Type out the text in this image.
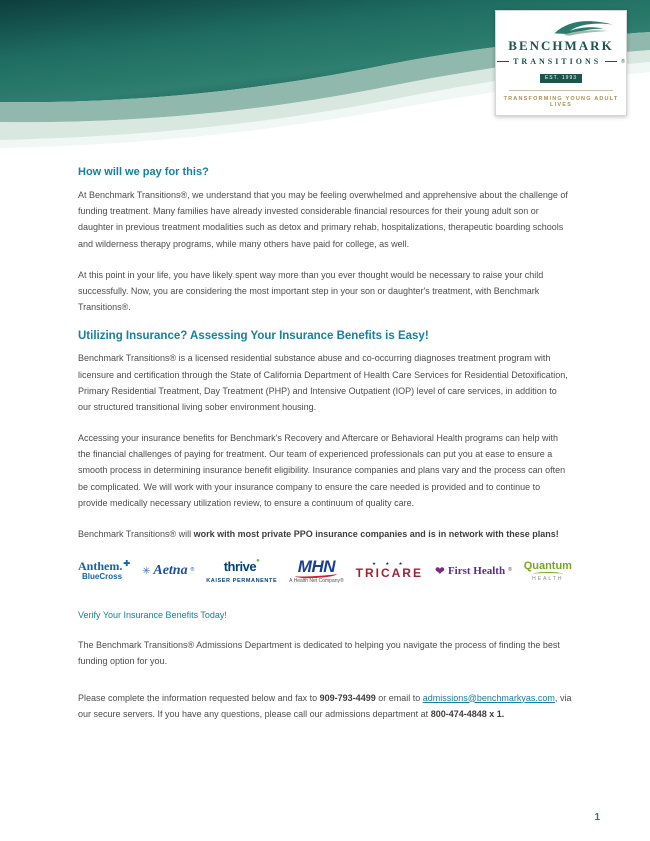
BENCHMARK
TRANSITIONS	®
EST. 1993
TRANSFORMING YOUNG ADULT LIVES
How will we pay for this?

At Benchmark Transitions®, we understand that you may be feeling overwhelmed and apprehensive about the challenge of funding treatment. Many families have already invested considerable financial resources for their young adult son or daughter in previous treatment modalities such as detox and primary rehab, hospitalizations, therapeutic boarding schools and wilderness therapy programs, while many others have paid for college, as well.

At this point in your life, you have likely spent way more than you ever thought would be necessary to raise your child successfully. Now, you are considering the most important step in your son or daughter's treatment, with Benchmark Transitions®.

Utilizing Insurance? Assessing Your Insurance Benefits is Easy!

Benchmark Transitions® is a licensed residential substance abuse and co-occurring diagnoses treatment program with licensure and certification through the State of California Department of Health Care Services for Residential Detoxification, Primary Residential Treatment, Day Treatment (PHP) and Intensive Outpatient (IOP) level of care services, in addition to our structured transitional living sober environment housing.

Accessing your insurance benefits for Benchmark's Recovery and Aftercare or Behavioral Health programs can help with the financial challenges of paying for treatment. Our team of experienced professionals can put you at ease to ensure a smooth process in determining insurance benefit eligibility. Insurance companies and plans vary and the process can often be complicated. We will work with your insurance company to ensure the care needed is provided and to continue to provide medically necessary utilization review, to ensure a continuum of quality care.

Benchmark Transitions® will work with most private PPO insurance companies and is in network with these plans!

Anthem.✚
BlueCross
✳ Aetna ®	thrive●
KAISER PERMANENTE
MHN
A Health Net Company®
★ ★ ★
TRICARE ❤ First Health ® Quantum
HEALTH
Verify Your Insurance Benefits Today!

The Benchmark Transitions® Admissions Department is dedicated to helping you navigate the process of finding the best funding option for you.

Please complete the information requested below and fax to 909-793-4499 or email to admissions@benchmarkyas.com, via our secure servers. If you have any questions, please call our admissions department at 800-474-4848 x 1.

1
